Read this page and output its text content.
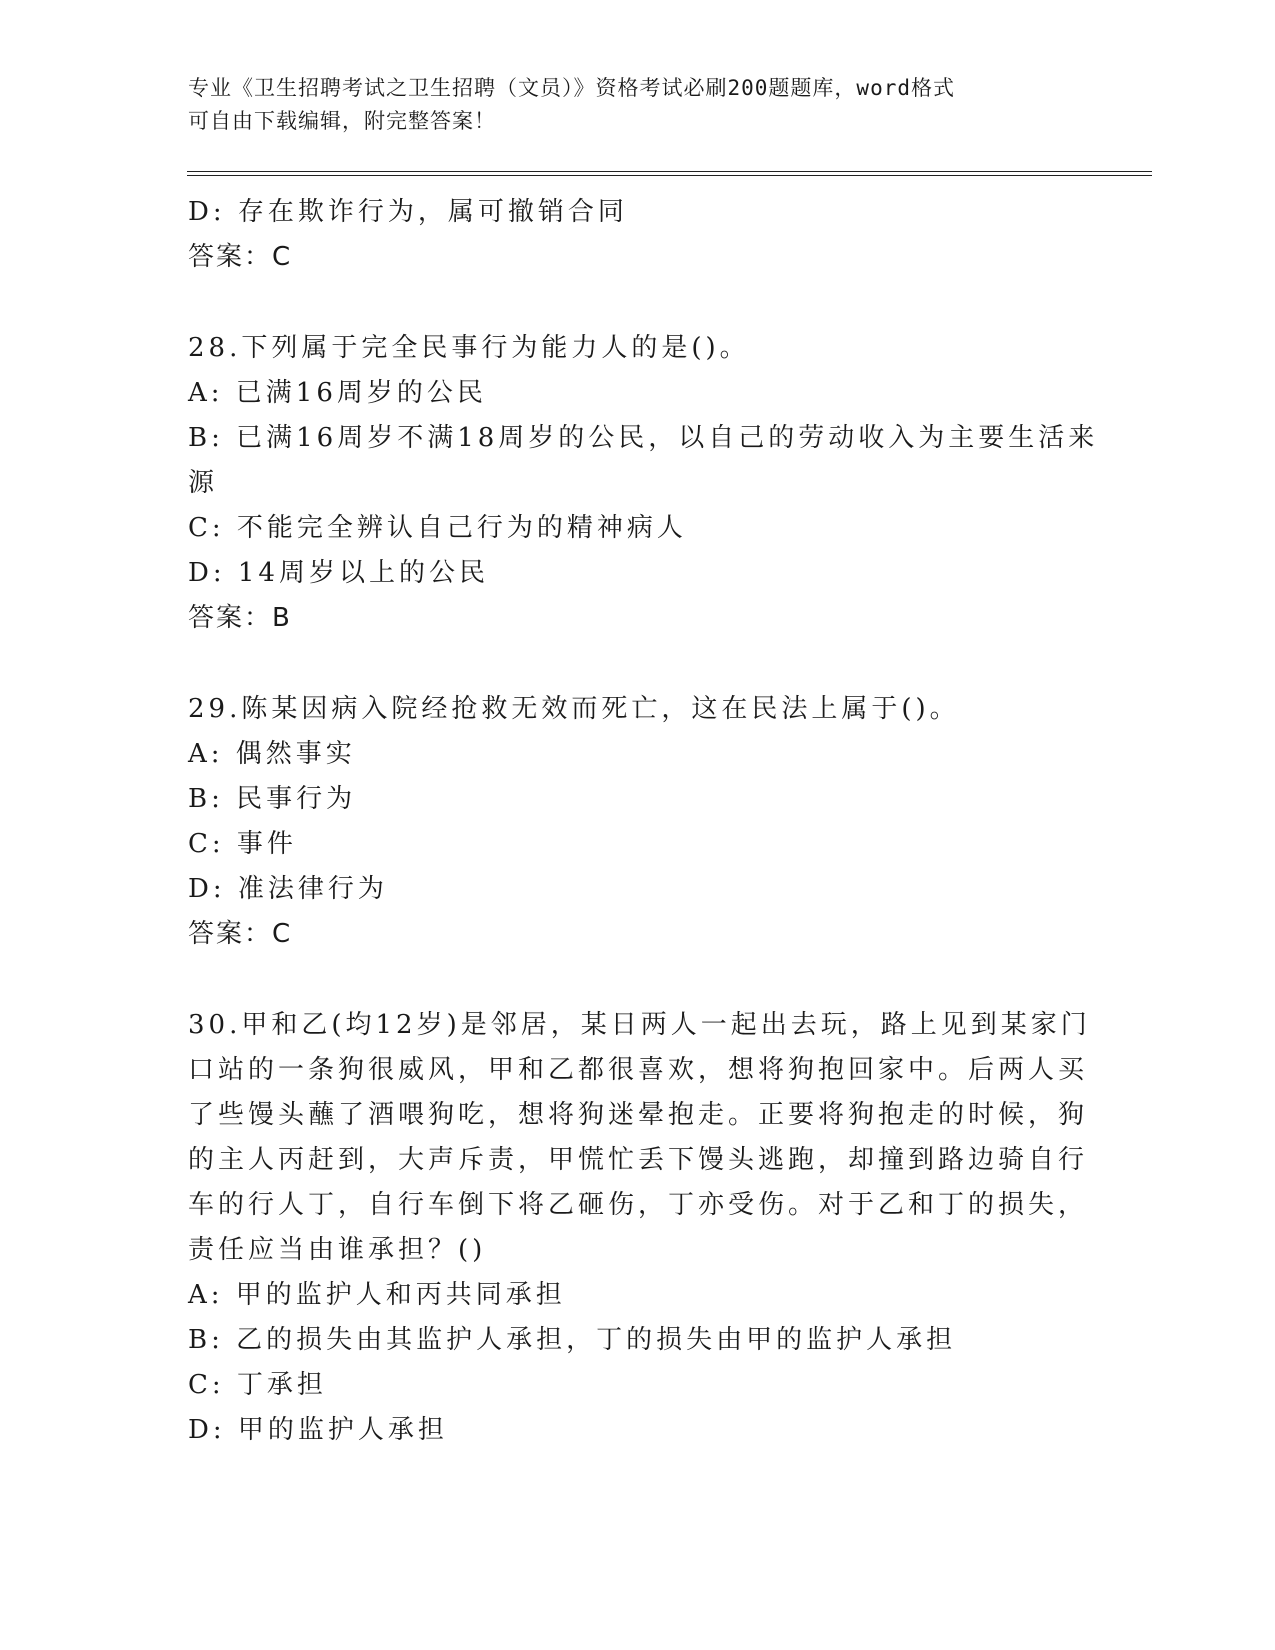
专业《卫生招聘考试之卫生招聘（文员）》资格考试必刷200题题库，word格式
可自由下载编辑，附完整答案！

D: 存在欺诈行为，属可撤销合同

答案：C

28.下列属于完全民事行为能力人的是()。

A: 已满16周岁的公民

B: 已满16周岁不满18周岁的公民，以自己的劳动收入为主要生活来

源

C: 不能完全辨认自己行为的精神病人

D: 14周岁以上的公民

答案：B

29.陈某因病入院经抢救无效而死亡，这在民法上属于()。

A: 偶然事实

B: 民事行为

C: 事件

D: 准法律行为

答案：C

30.甲和乙(均12岁)是邻居，某日两人一起出去玩，路上见到某家门

口站的一条狗很威风，甲和乙都很喜欢，想将狗抱回家中。后两人买

了些馒头蘸了酒喂狗吃，想将狗迷晕抱走。正要将狗抱走的时候，狗

的主人丙赶到，大声斥责，甲慌忙丢下馒头逃跑，却撞到路边骑自行

车的行人丁，自行车倒下将乙砸伤，丁亦受伤。对于乙和丁的损失，

责任应当由谁承担？()

A: 甲的监护人和丙共同承担

B: 乙的损失由其监护人承担，丁的损失由甲的监护人承担

C: 丁承担

D: 甲的监护人承担
